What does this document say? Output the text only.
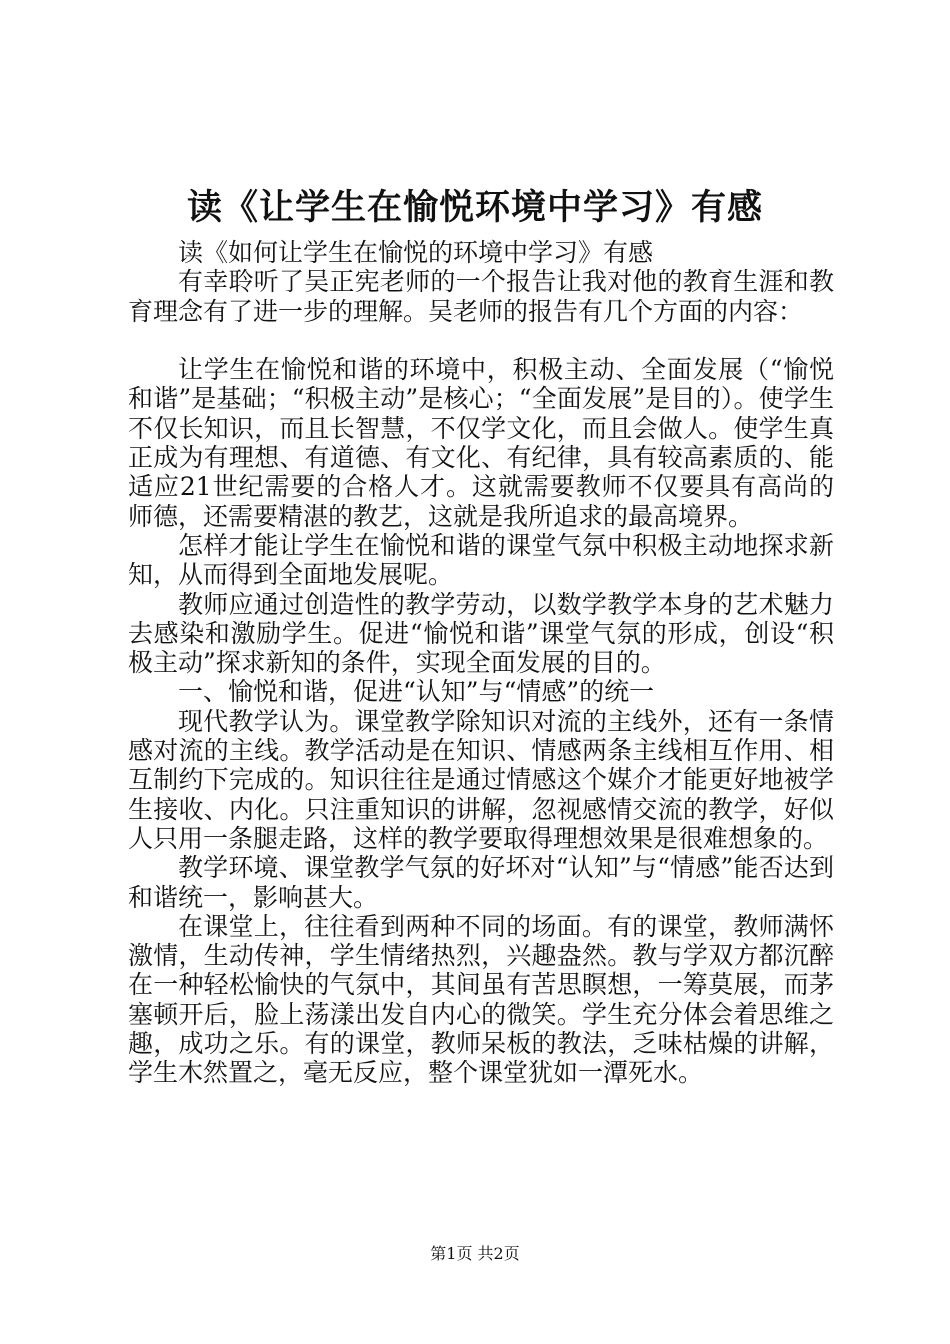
读《让学生在愉悦环境中学习》有感

读《如何让学生在愉悦的环境中学习》有感

有幸聆听了吴正宪老师的一个报告让我对他的教育生涯和教育理念有了进一步的理解。吴老师的报告有几个方面的内容：

让学生在愉悦和谐的环境中，积极主动、全面发展（“愉悦和谐”是基础；“积极主动”是核心；“全面发展”是目的）。使学生不仅长知识，而且长智慧，不仅学文化，而且会做人。使学生真正成为有理想、有道德、有文化、有纪律，具有较高素质的、能适应21世纪需要的合格人才。这就需要教师不仅要具有高尚的师德，还需要精湛的教艺，这就是我所追求的最高境界。

怎样才能让学生在愉悦和谐的课堂气氛中积极主动地探求新知，从而得到全面地发展呢。

教师应通过创造性的教学劳动，以数学教学本身的艺术魅力去感染和激励学生。促进“愉悦和谐”课堂气氛的形成，创设“积极主动”探求新知的条件，实现全面发展的目的。

一、愉悦和谐，促进“认知”与“情感”的统一

现代教学认为。课堂教学除知识对流的主线外，还有一条情感对流的主线。教学活动是在知识、情感两条主线相互作用、相互制约下完成的。知识往往是通过情感这个媒介才能更好地被学生接收、内化。只注重知识的讲解，忽视感情交流的教学，好似人只用一条腿走路，这样的教学要取得理想效果是很难想象的。

教学环境、课堂教学气氛的好坏对“认知”与“情感”能否达到和谐统一，影响甚大。

在课堂上，往往看到两种不同的场面。有的课堂，教师满怀激情，生动传神，学生情绪热烈，兴趣盎然。教与学双方都沉醉在一种轻松愉快的气氛中，其间虽有苦思瞑想，一筹莫展，而茅塞顿开后，脸上荡漾出发自内心的微笑。学生充分体会着思维之趣，成功之乐。有的课堂，教师呆板的教法，乏味枯燥的讲解，学生木然置之，毫无反应，整个课堂犹如一潭死水。

第1页 共2页
